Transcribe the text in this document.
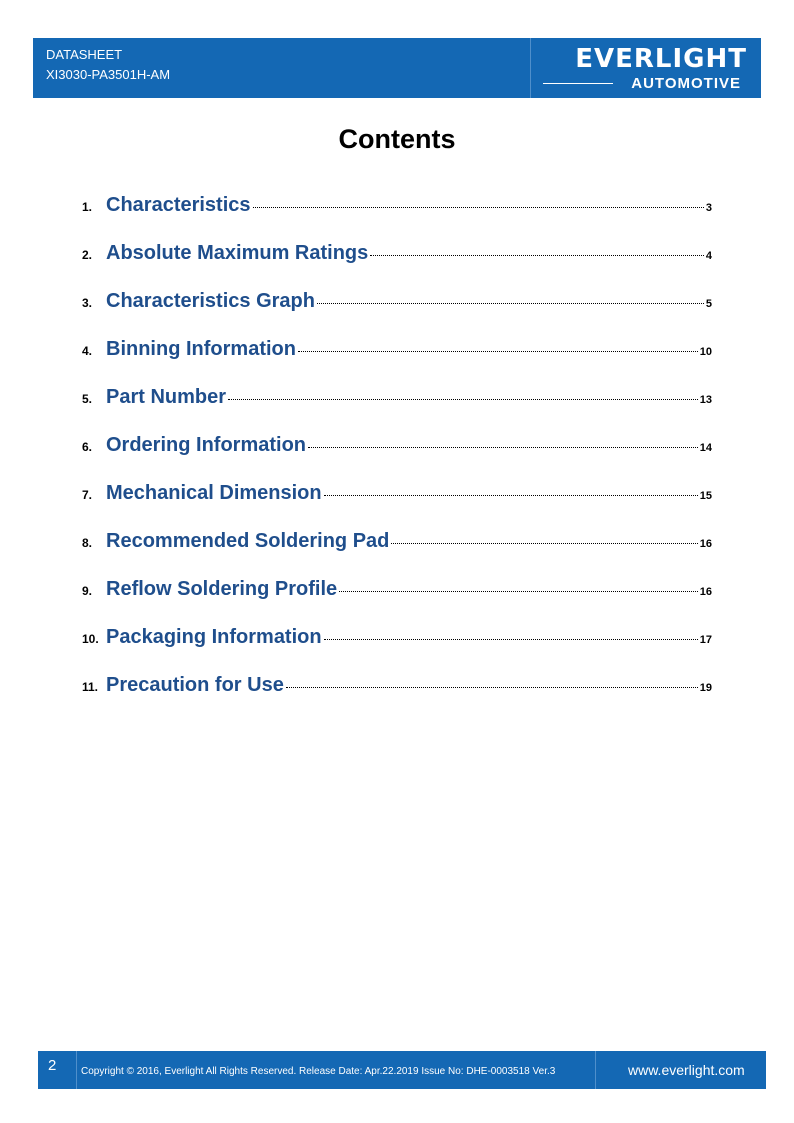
DATASHEET
XI3030-PA3501H-AM
EVERLIGHT
AUTOMOTIVE
Contents
1. Characteristics	3
2. Absolute Maximum Ratings	4
3. Characteristics Graph	5
4. Binning Information	10
5. Part Number	13
6. Ordering Information	14
7. Mechanical Dimension	15
8. Recommended Soldering Pad	16
9. Reflow Soldering Profile	16
10. Packaging Information	17
11. Precaution for Use	19
2 Copyright © 2016, Everlight All Rights Reserved. Release Date: Apr.22.2019 Issue No: DHE-0003518 Ver.3	www.everlight.com
